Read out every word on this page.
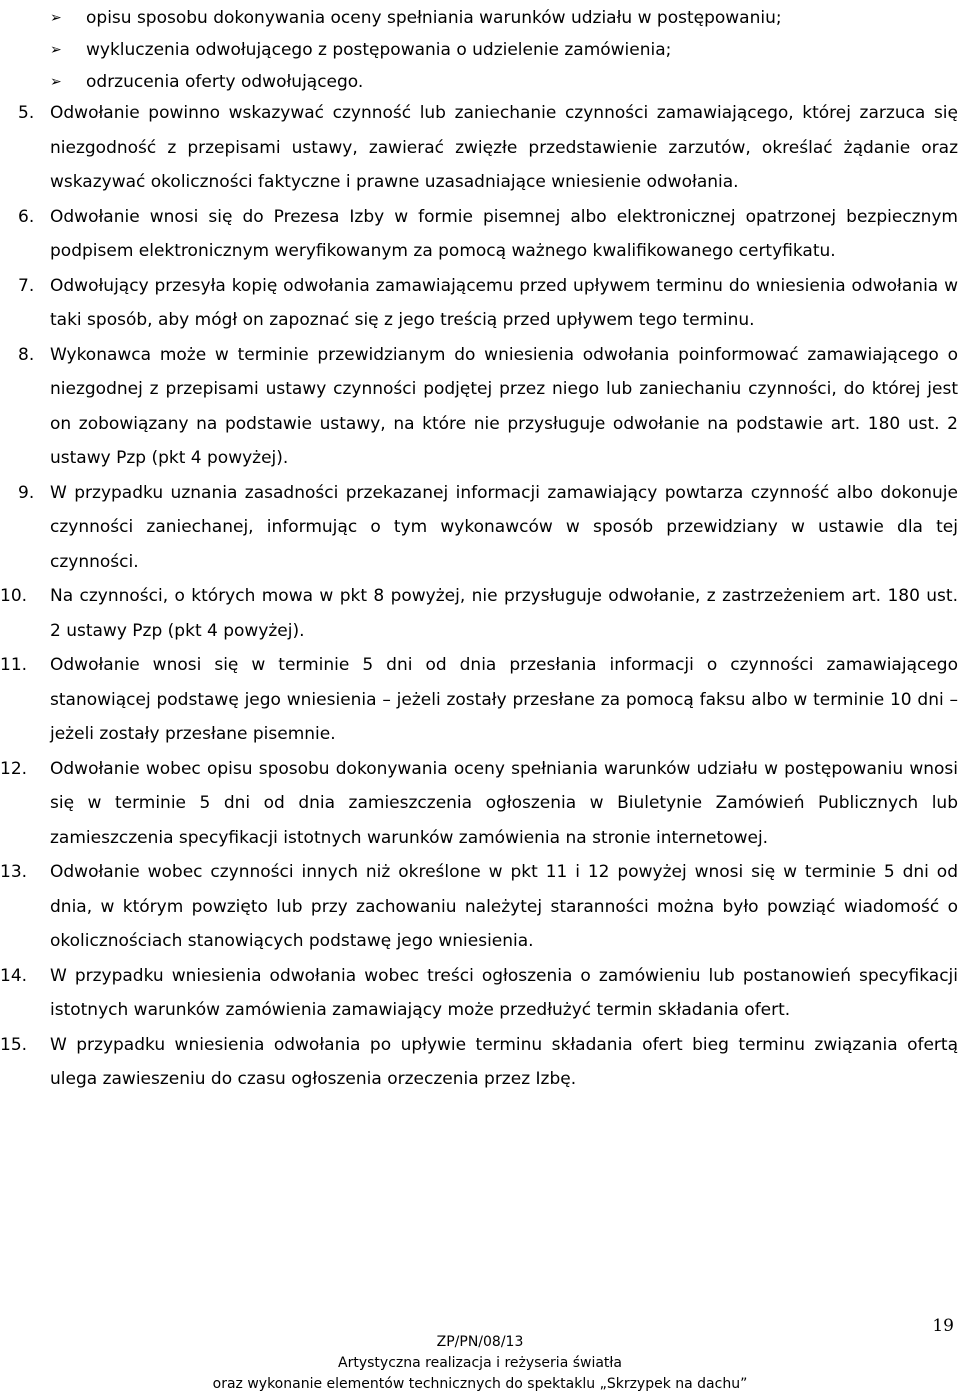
➢	opisu sposobu dokonywania oceny spełniania warunków udziału w postępowaniu;
➢	wykluczenia odwołującego z postępowania o udzielenie zamówienia;
➢	odrzucenia oferty odwołującego.
5. Odwołanie powinno wskazywać czynność lub zaniechanie czynności zamawiającego, której zarzuca się niezgodność z przepisami ustawy, zawierać zwięzłe przedstawienie zarzutów, określać żądanie oraz wskazywać okoliczności faktyczne i prawne uzasadniające wniesienie odwołania.
6. Odwołanie wnosi się do Prezesa Izby w formie pisemnej albo elektronicznej opatrzonej bezpiecznym podpisem elektronicznym weryfikowanym za pomocą ważnego kwalifikowanego certyfikatu.
7. Odwołujący przesyła kopię odwołania zamawiającemu przed upływem terminu do wniesienia odwołania w taki sposób, aby mógł on zapoznać się z jego treścią przed upływem tego terminu.
8. Wykonawca może w terminie przewidzianym do wniesienia odwołania poinformować zamawiającego o niezgodnej z przepisami ustawy czynności podjętej przez niego lub zaniechaniu czynności, do której jest on zobowiązany na podstawie ustawy, na które nie przysługuje odwołanie na podstawie art. 180 ust. 2 ustawy Pzp (pkt 4 powyżej).
9. W przypadku uznania zasadności przekazanej informacji zamawiający powtarza czynność albo dokonuje czynności zaniechanej, informując o tym wykonawców w sposób przewidziany w ustawie dla tej czynności.
10.	Na czynności, o których mowa w pkt 8 powyżej, nie przysługuje odwołanie, z zastrzeżeniem art. 180 ust. 2 ustawy Pzp (pkt 4 powyżej).
11.	Odwołanie wnosi się w terminie 5 dni od dnia przesłania informacji o czynności zamawiającego stanowiącej podstawę jego wniesienia – jeżeli zostały przesłane za pomocą faksu albo w terminie 10 dni – jeżeli zostały przesłane pisemnie.
12.	Odwołanie wobec opisu sposobu dokonywania oceny spełniania warunków udziału w postępowaniu wnosi się w terminie 5 dni od dnia zamieszczenia ogłoszenia w Biuletynie Zamówień Publicznych lub zamieszczenia specyfikacji istotnych warunków zamówienia na stronie internetowej.
13.	Odwołanie wobec czynności innych niż określone w pkt 11 i 12 powyżej wnosi się w terminie 5 dni od dnia, w którym powzięto lub przy zachowaniu należytej staranności można było powziąć wiadomość o okolicznościach stanowiących podstawę jego wniesienia.
14.	W przypadku wniesienia odwołania wobec treści ogłoszenia o zamówieniu lub postanowień specyfikacji istotnych warunków zamówienia zamawiający może przedłużyć termin składania ofert.
15.	W przypadku wniesienia odwołania po upływie terminu składania ofert bieg terminu związania ofertą ulega zawieszeniu do czasu ogłoszenia orzeczenia przez Izbę.
19
ZP/PN/08/13
Artystyczna realizacja i reżyseria światła
oraz wykonanie elementów technicznych do spektaklu „Skrzypek na dachu”
